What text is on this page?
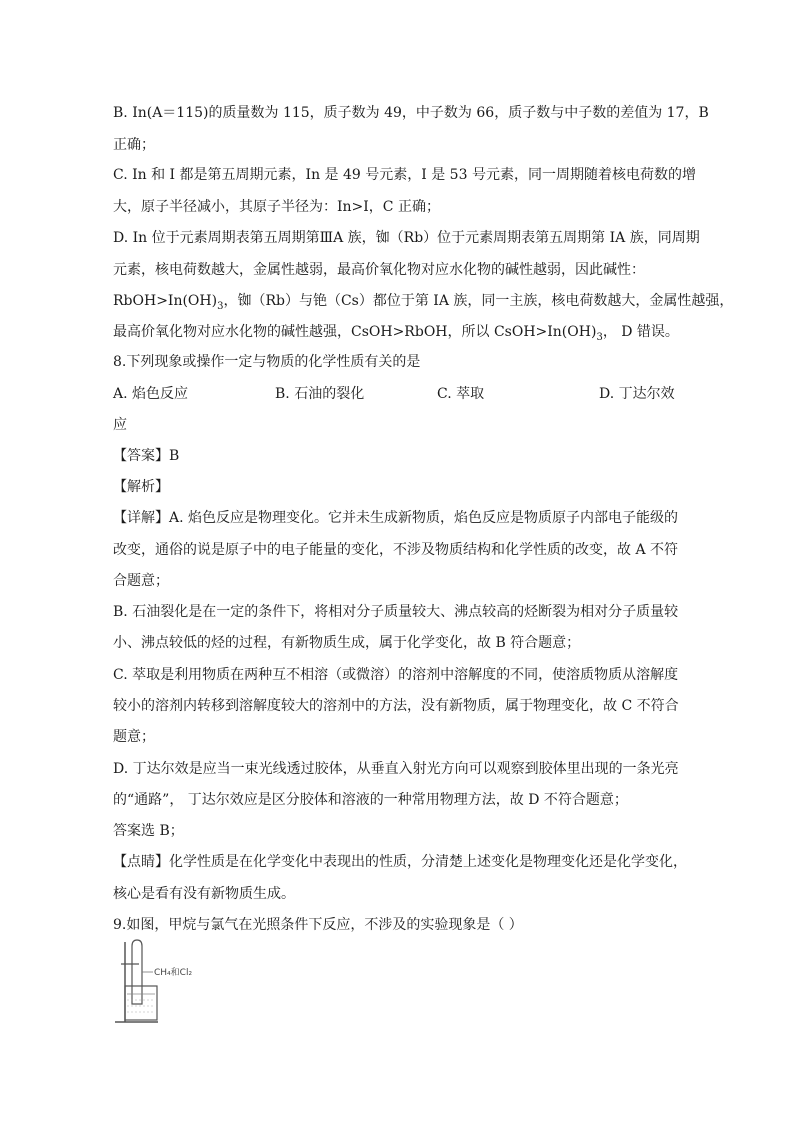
B. In(A＝115)的质量数为 115，质子数为 49，中子数为 66，质子数与中子数的差值为 17，B
正确；
C. In 和 I 都是第五周期元素，In 是 49 号元素，I 是 53 号元素，同一周期随着核电荷数的增
大，原子半径减小，其原子半径为：In>I，C 正确；
D. In 位于元素周期表第五周期第ⅢA 族，铷（Rb）位于元素周期表第五周期第 IA 族，同周期
元素，核电荷数越大，金属性越弱，最高价氧化物对应水化物的碱性越弱，因此碱性：
$RbOH>In(OH)_3$，铷（Rb）与铯（Cs）都位于第 IA 族，同一主族，核电荷数越大，金属性越强，
最高价氧化物对应水化物的碱性越强，CsOH>RbOH，所以 $CsOH>In(OH)_3$， D 错误。
8.下列现象或操作一定与物质的化学性质有关的是
A. 焰色反应	B. 石油的裂化	C. 萃取	D. 丁达尔效
应
【答案】B
【解析】
【详解】A. 焰色反应是物理变化。它并未生成新物质，焰色反应是物质原子内部电子能级的
改变，通俗的说是原子中的电子能量的变化，不涉及物质结构和化学性质的改变，故 A 不符
合题意；
B. 石油裂化是在一定的条件下，将相对分子质量较大、沸点较高的烃断裂为相对分子质量较
小、沸点较低的烃的过程，有新物质生成，属于化学变化，故 B 符合题意；
C. 萃取是利用物质在两种互不相溶（或微溶）的溶剂中溶解度的不同，使溶质物质从溶解度
较小的溶剂内转移到溶解度较大的溶剂中的方法，没有新物质，属于物理变化，故 C 不符合
题意；
D. 丁达尔效是应当一束光线透过胶体，从垂直入射光方向可以观察到胶体里出现的一条光亮
的“通路”， 丁达尔效应是区分胶体和溶液的一种常用物理方法，故 D 不符合题意；
答案选 B；
【点睛】化学性质是在化学变化中表现出的性质，分清楚上述变化是物理变化还是化学变化，
核心是看有没有新物质生成。
9.如图，甲烷与氯气在光照条件下反应，不涉及的实验现象是（ ）
CH₄和Cl₂
